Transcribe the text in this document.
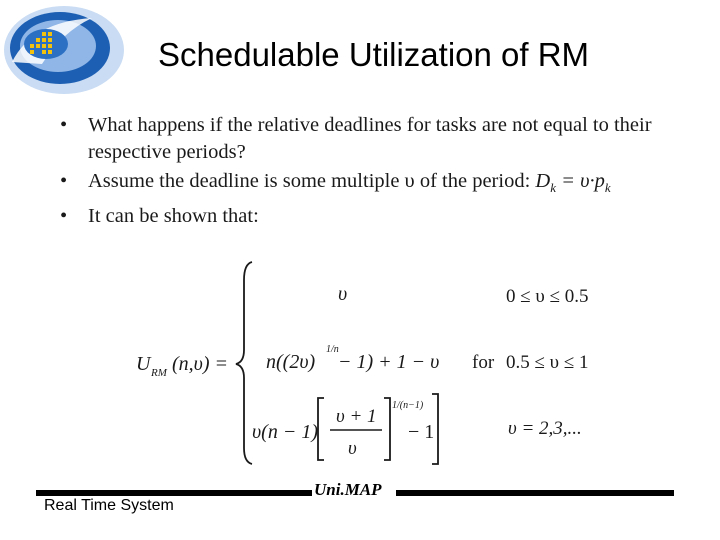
Schedulable Utilization of RM
• What happens if the relative deadlines for tasks are not equal to their respective periods?
• Assume the deadline is some multiple υ of the period: $D_k = \upsilon\cdot p_k$
• It can be shown that:
U RM (n,υ) =
υ	0 ≤ υ ≤ 0.5
n((2υ)
1/n
− 1) + 1 − υ for 0.5 ≤ υ ≤ 1
υ(n − 1)
υ + 1
υ
1/(n−1)
− 1	υ = 2,3,...
Uni.MAP
Real Time System
